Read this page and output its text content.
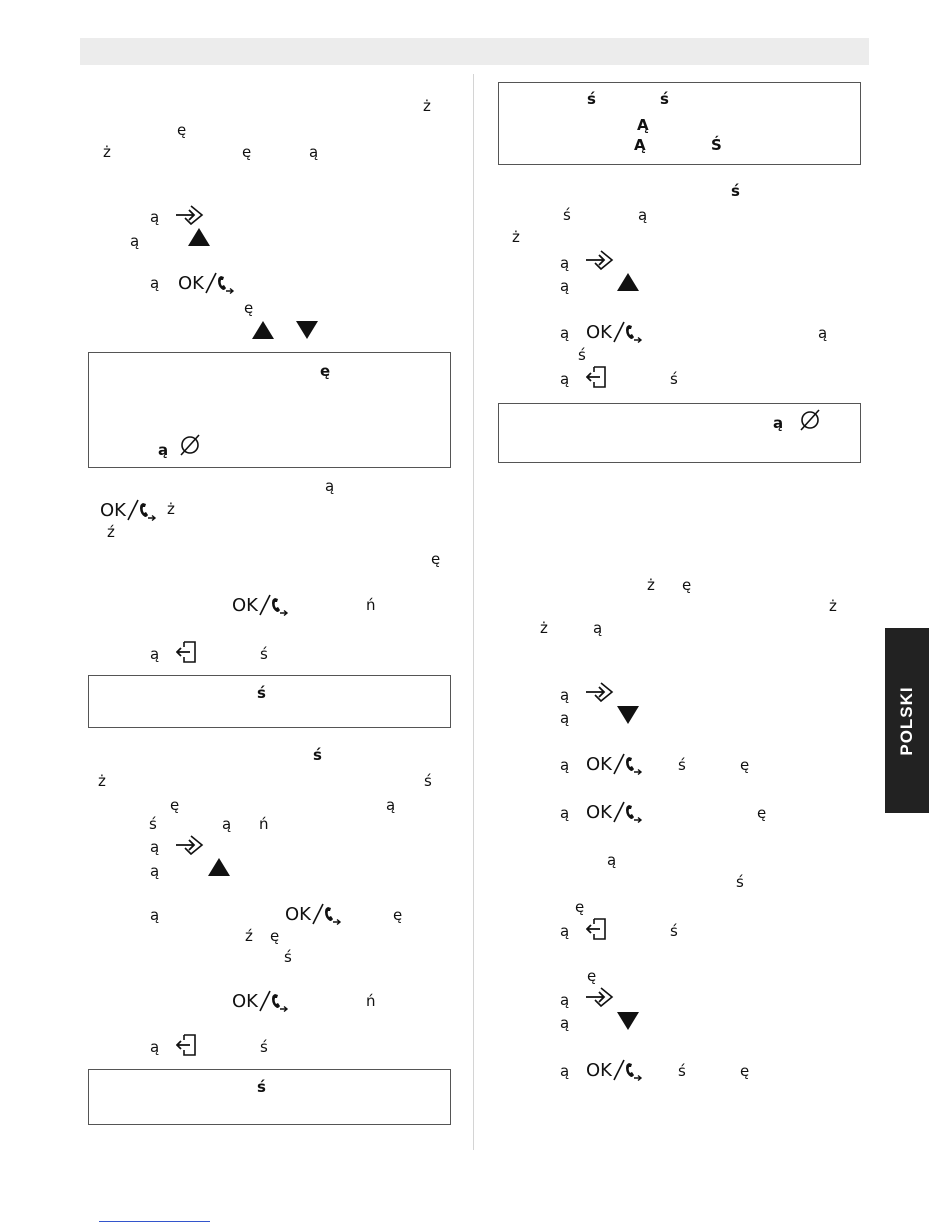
ż
ę
ż	ę	ą
ą
ą
ą OK
ę
ę
ą
ą
OK	ż
ź
ę
OK	ń
ą	ś
ś
ś
ż	ś
ę	ą
ś	ą ń
ą
ą
ą	OK	ę
ź ę
ś
OK	ń
ą	ś
ś
ś	ś
Ą
Ą	Ś
ś
ś	ą
ż
ą
ą
ą OK	ą
ś
ą	ś
ą
ż ę
ż
ż	ą
ą
ą
ą OK	ś	ę
ą OK	ę
ą
ś
ę
ą	ś
ę
ą
ą
ą OK	ś	ę
POLSKI
